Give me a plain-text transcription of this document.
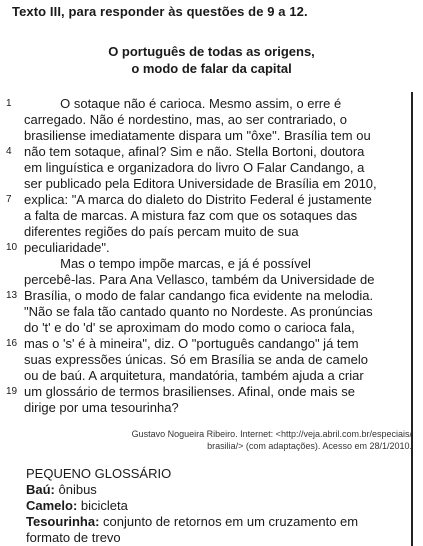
Texto III, para responder às questões de 9 a 12.
O português de todas as origens,
o modo de falar da capital
O sotaque não é carioca. Mesmo assim, o erre é
carregado. Não é nordestino, mas, ao ser contrariado, o
brasiliense imediatamente dispara um "ôxe". Brasília tem ou
não tem sotaque, afinal? Sim e não. Stella Bortoni, doutora
em linguística e organizadora do livro O Falar Candango, a
ser publicado pela Editora Universidade de Brasília em 2010,
explica: "A marca do dialeto do Distrito Federal é justamente
a falta de marcas. A mistura faz com que os sotaques das
diferentes regiões do país percam muito de sua
peculiaridade".
Mas o tempo impõe marcas, e já é possível
percebê-las. Para Ana Vellasco, também da Universidade de
Brasília, o modo de falar candango fica evidente na melodia.
"Não se fala tão cantado quanto no Nordeste. As pronúncias
do 't' e do 'd' se aproximam do modo como o carioca fala,
mas o 's' é à mineira", diz. O "português candango" já tem
suas expressões únicas. Só em Brasília se anda de camelo
ou de baú. A arquitetura, mandatória, também ajuda a criar
um glossário de termos brasilienses. Afinal, onde mais se
dirige por uma tesourinha?
1
4
7
10
13
16
19
Gustavo Nogueira Ribeiro. Internet: <http://veja.abril.com.br/especiais/
brasilia/> (com adaptações). Acesso em 28/1/2010.
PEQUENO GLOSSÁRIO
Baú: ônibus
Camelo: bicicleta
Tesourinha: conjunto de retornos em um cruzamento em
formato de trevo
